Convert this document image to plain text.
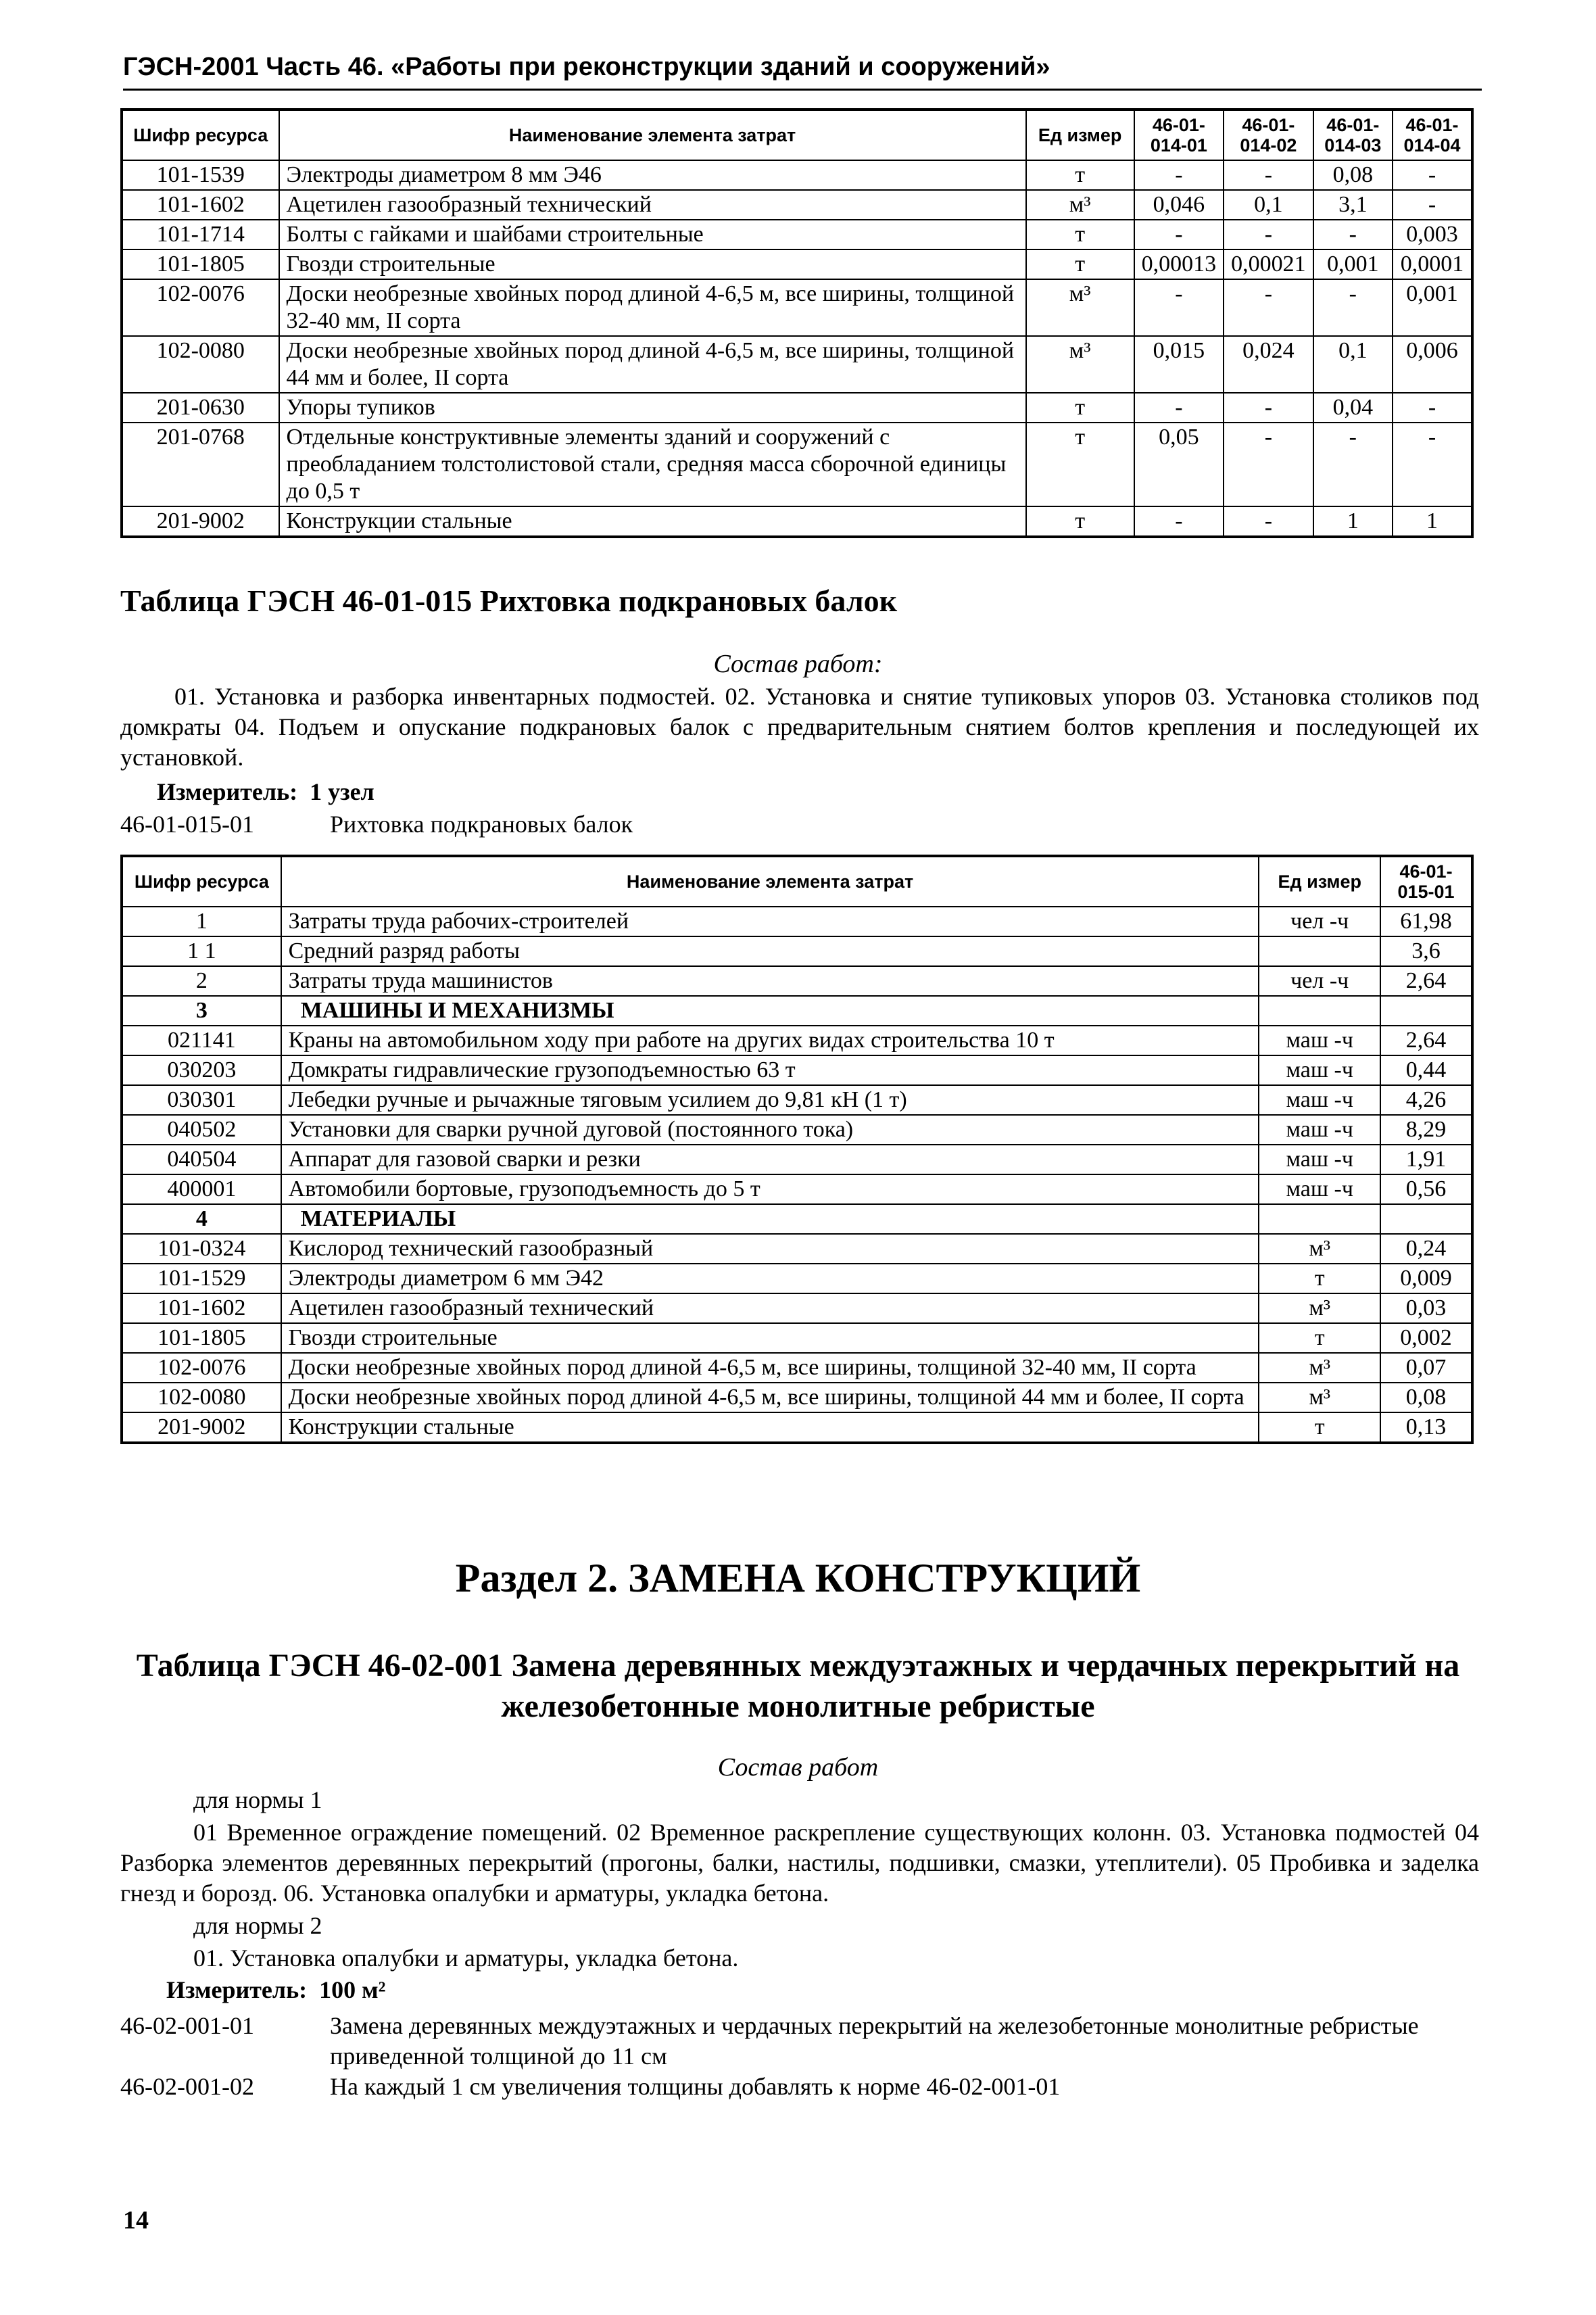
ГЭСН-2001 Часть 46. «Работы при реконструкции зданий и сооружений»
Шифр ресурса	Наименование элемента затрат	Ед измер	46-01-014-01	46-01-014-02	46-01-014-03	46-01-014-04
101-1539	Электроды диаметром 8 мм Э46	т	-	-	0,08	-
101-1602	Ацетилен газообразный технический	м³	0,046	0,1	3,1	-
101-1714	Болты с гайками и шайбами строительные	т	-	-	-	0,003
101-1805	Гвозди строительные	т	0,00013	0,00021	0,001	0,0001
102-0076	Доски необрезные хвойных пород длиной 4-6,5 м, все ширины, толщиной 32-40 мм, II сорта	м³	-	-	-	0,001
102-0080	Доски необрезные хвойных пород длиной 4-6,5 м, все ширины, толщиной 44 мм и более, II сорта	м³	0,015	0,024	0,1	0,006
201-0630	Упоры тупиков	т	-	-	0,04	-
201-0768	Отдельные конструктивные элементы зданий и сооружений с преобладанием толстолистовой стали, средняя масса сборочной единицы до 0,5 т	т	0,05	-	-	-
201-9002	Конструкции стальные	т	-	-	1	1
Таблица ГЭСН 46-01-015 Рихтовка подкрановых балок
Состав работ:
01. Установка и разборка инвентарных подмостей. 02. Установка и снятие тупиковых упоров 03. Установка столиков под домкраты 04. Подъем и опускание подкрановых балок с предварительным снятием болтов крепления и последующей их установкой.
Измеритель: 1 узел
46-01-015-01	Рихтовка подкрановых балок
Шифр ресурса	Наименование элемента затрат	Ед измер	46-01-015-01
1	Затраты труда рабочих-строителей	чел -ч	61,98
1 1	Средний разряд работы		3,6
2	Затраты труда машинистов	чел -ч	2,64
3	МАШИНЫ И МЕХАНИЗМЫ		
021141	Краны на автомобильном ходу при работе на других видах строительства 10 т	маш -ч	2,64
030203	Домкраты гидравлические грузоподъемностью 63 т	маш -ч	0,44
030301	Лебедки ручные и рычажные тяговым усилием до 9,81 кН (1 т)	маш -ч	4,26
040502	Установки для сварки ручной дуговой (постоянного тока)	маш -ч	8,29
040504	Аппарат для газовой сварки и резки	маш -ч	1,91
400001	Автомобили бортовые, грузоподъемность до 5 т	маш -ч	0,56
4	МАТЕРИАЛЫ		
101-0324	Кислород технический газообразный	м³	0,24
101-1529	Электроды диаметром 6 мм Э42	т	0,009
101-1602	Ацетилен газообразный технический	м³	0,03
101-1805	Гвозди строительные	т	0,002
102-0076	Доски необрезные хвойных пород длиной 4-6,5 м, все ширины, толщиной 32-40 мм, II сорта	м³	0,07
102-0080	Доски необрезные хвойных пород длиной 4-6,5 м, все ширины, толщиной 44 мм и более, II сорта	м³	0,08
201-9002	Конструкции стальные	т	0,13
Раздел 2. ЗАМЕНА КОНСТРУКЦИЙ
Таблица ГЭСН 46-02-001 Замена деревянных междуэтажных и чердачных перекрытий на
железобетонные монолитные ребристые
Состав работ
для нормы 1
01 Временное ограждение помещений. 02 Временное раскрепление существующих колонн. 03. Установка подмостей 04 Разборка элементов деревянных перекрытий (прогоны, балки, настилы, подшивки, смазки, утеплители). 05 Пробивка и заделка гнезд и борозд. 06. Установка опалубки и арматуры, укладка бетона.
для нормы 2
01. Установка опалубки и арматуры, укладка бетона.
Измеритель: 100 м²
46-02-001-01	Замена деревянных междуэтажных и чердачных перекрытий на железобетонные монолитные ребристые приведенной толщиной до 11 см
46-02-001-02	На каждый 1 см увеличения толщины добавлять к норме 46-02-001-01
14
